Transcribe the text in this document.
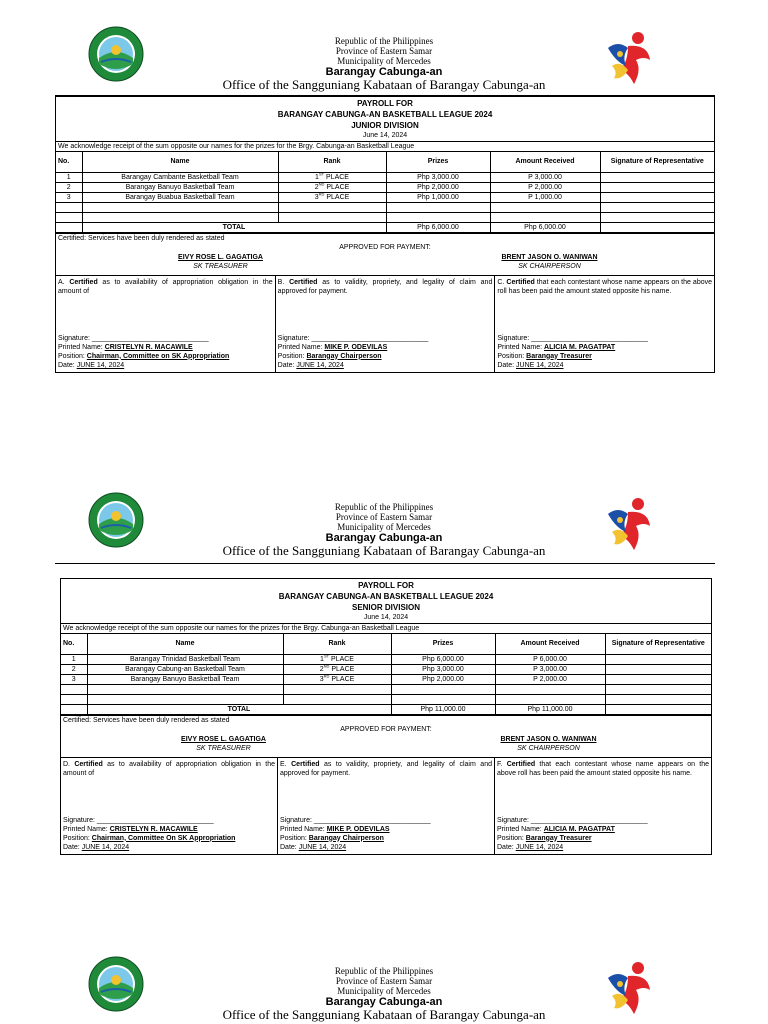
Republic of the Philippines
Province of Eastern Samar
Municipality of Merced​es
Barangay Cabunga-an
Office of the Sangguniang Kabataan of Barangay Cabunga-an
Republic of the Philippines
Province of Eastern Samar
Municipality of Merced​es
Barangay Cabunga-an
Office of the Sangguniang Kabataan of Barangay Cabunga-an
Republic of the Philippines
Province of Eastern Samar
Municipality of Merced​es
Barangay Cabunga-an
Office of the Sangguniang Kabataan of Barangay Cabunga-an
PAYROLL FOR
BARANGAY CABUNGA-AN BASKETBALL LEAGUE 2024
JUNIOR DIVISION
June 14, 2024
We acknowledge receipt of the sum opposite our names for the prizes for the Brgy. Cabunga-an Basketball League
No.	Name	Rank	Prizes	Amount Received	Signature of Representative
1	Barangay Cambante Basketball Team	1ST PLACE	Php 3,000.00	P 3,000.00	
2	Barangay Banuyo Basketball Team	2ND PLACE	Php 2,000.00	P 2,000.00	
3	Barangay Buabua Basketball Team	3RD PLACE	Php 1,000.00	P 1,000.00	

	TOTAL		Php 6,000.00	Php 6,000.00	
Certified: Services have been duly rendered as stated
APPROVED FOR PAYMENT:
EIVY ROSE L. GAGATIGA
SK TREASURER
BRENT JASON O. WANIWAN
SK CHAIRPERSON
A. Certified as to availability of appropriation obligation in the amount of
Signature: ______________________________
Printed Name: CRISTELYN R. MACAWILE
Position: Chairman, Committee on SK Appropriation
Date: JUNE 14, 2024
B. Certified as to validity, propriety, and legality of claim and approved for payment.
Signature: ______________________________
Printed Name: MIKE P. ODEVILAS
Position: Barangay Chairperson
Date: JUNE 14, 2024
C. Certified that each contestant whose name appears on the above roll has been paid the amount stated opposite his name.
Signature: ______________________________
Printed Name: ALICIA M. PAGATPAT
Position: Barangay Treasurer
Date: JUNE 14, 2024
PAYROLL FOR
BARANGAY CABUNGA-AN BASKETBALL LEAGUE 2024
SENIOR DIVISION
June 14, 2024
We acknowledge receipt of the sum opposite our names for the prizes for the Brgy. Cabunga-an Basketball League
No.	Name	Rank	Prizes	Amount Received	Signature of Representative
1	Barangay Trinidad Basketball Team	1ST PLACE	Php 6,000.00	P 6,000.00	
2	Barangay Cabung-an Basketball Team	2ND PLACE	Php 3,000.00	P 3,000.00	
3	Barangay Banuyo Basketball Team	3RD PLACE	Php 2,000.00	P 2,000.00	

	TOTAL		Php 11,000.00	Php 11,000.00	
Certified: Services have been duly rendered as stated
APPROVED FOR PAYMENT:
EIVY ROSE L. GAGATIGA
SK TREASURER
BRENT JASON O. WANIWAN
SK CHAIRPERSON
D. Certified as to availability of appropriation obligation in the amount of
Signature: ______________________________
Printed Name: CRISTELYN R. MACAWILE
Position: Chairman, Committee On SK Appropriation
Date: JUNE 14, 2024
E. Certified as to validity, propriety, and legality of claim and approved for payment.
Signature: ______________________________
Printed Name: MIKE P. ODEVILAS
Position: Barangay Chairperson
Date: JUNE 14, 2024
F. Certified that each contestant whose name appears on the above roll has been paid the amount stated opposite his name.
Signature: ______________________________
Printed Name: ALICIA M. PAGATPAT
Position: Barangay Treasurer
Date: JUNE 14, 2024
